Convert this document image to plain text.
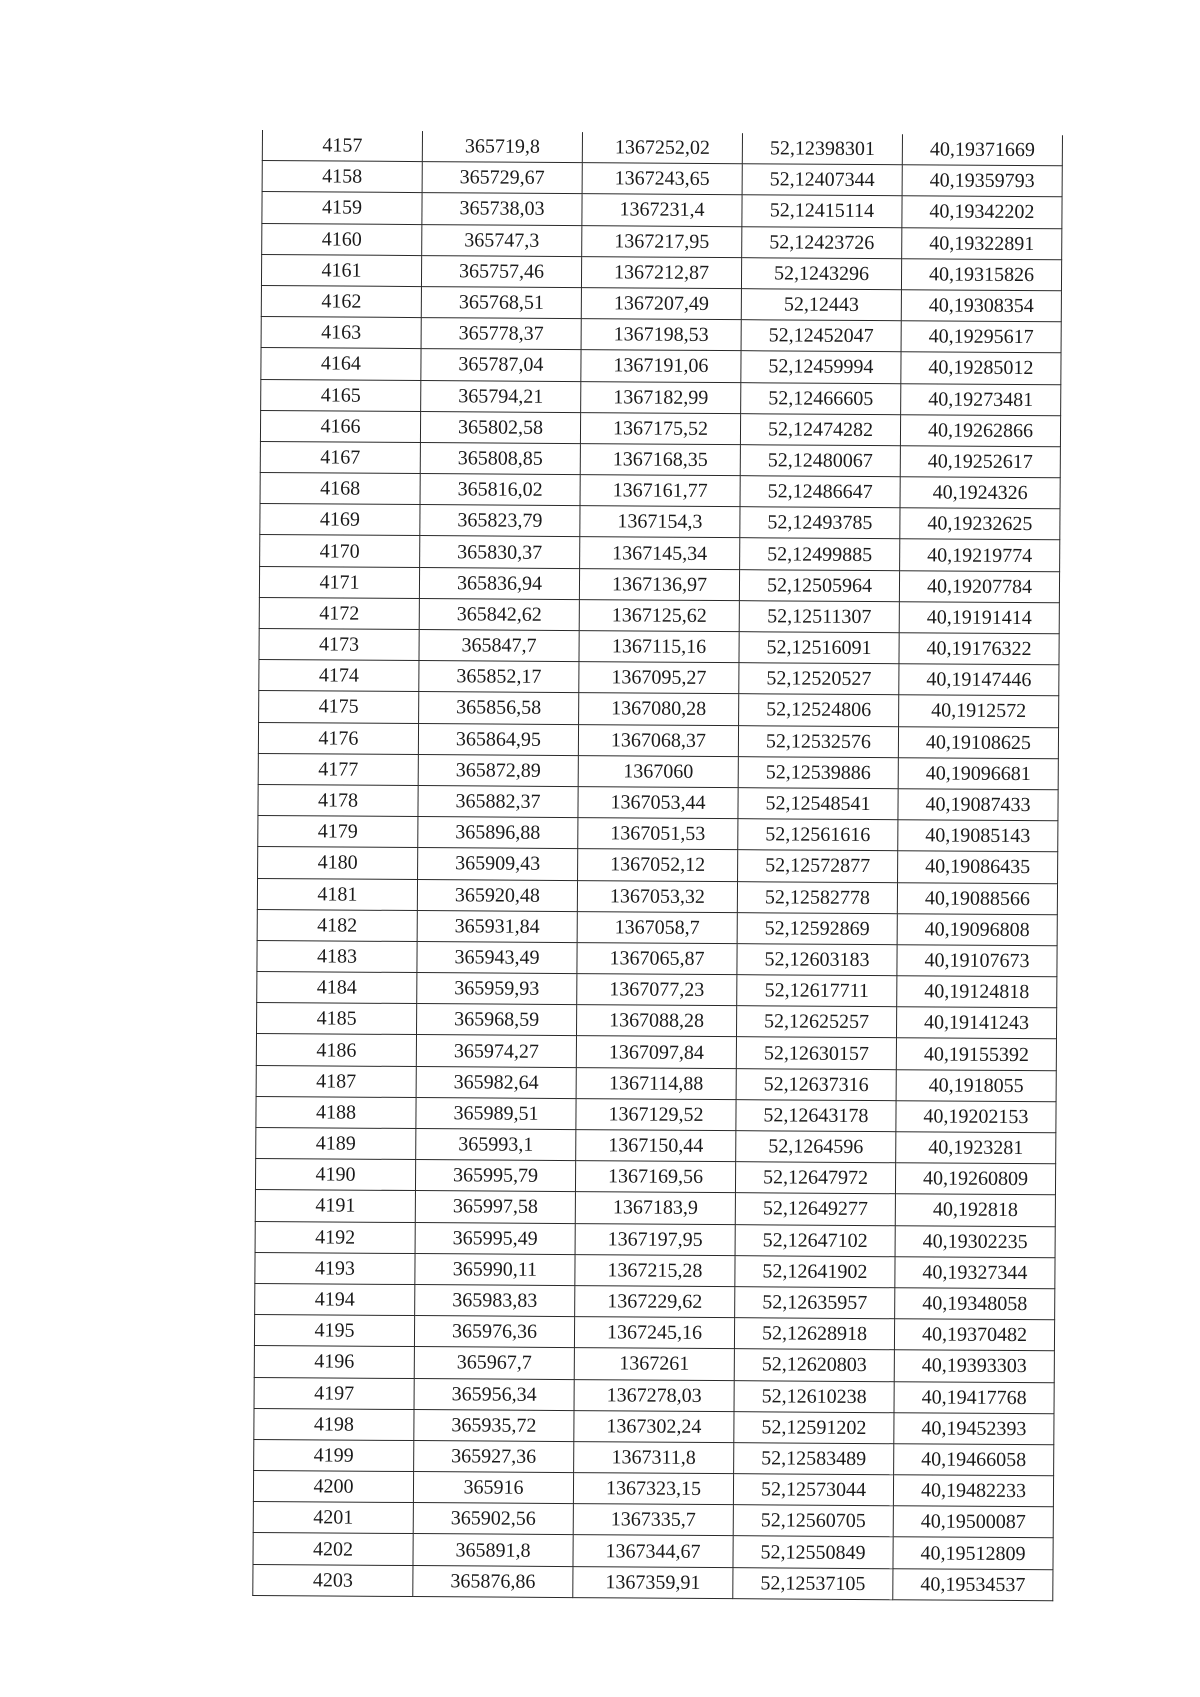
4157	365719,8	1367252,02	52,12398301	40,19371669
4158	365729,67	1367243,65	52,12407344	40,19359793
4159	365738,03	1367231,4	52,12415114	40,19342202
4160	365747,3	1367217,95	52,12423726	40,19322891
4161	365757,46	1367212,87	52,1243296	40,19315826
4162	365768,51	1367207,49	52,12443	40,19308354
4163	365778,37	1367198,53	52,12452047	40,19295617
4164	365787,04	1367191,06	52,12459994	40,19285012
4165	365794,21	1367182,99	52,12466605	40,19273481
4166	365802,58	1367175,52	52,12474282	40,19262866
4167	365808,85	1367168,35	52,12480067	40,19252617
4168	365816,02	1367161,77	52,12486647	40,1924326
4169	365823,79	1367154,3	52,12493785	40,19232625
4170	365830,37	1367145,34	52,12499885	40,19219774
4171	365836,94	1367136,97	52,12505964	40,19207784
4172	365842,62	1367125,62	52,12511307	40,19191414
4173	365847,7	1367115,16	52,12516091	40,19176322
4174	365852,17	1367095,27	52,12520527	40,19147446
4175	365856,58	1367080,28	52,12524806	40,1912572
4176	365864,95	1367068,37	52,12532576	40,19108625
4177	365872,89	1367060	52,12539886	40,19096681
4178	365882,37	1367053,44	52,12548541	40,19087433
4179	365896,88	1367051,53	52,12561616	40,19085143
4180	365909,43	1367052,12	52,12572877	40,19086435
4181	365920,48	1367053,32	52,12582778	40,19088566
4182	365931,84	1367058,7	52,12592869	40,19096808
4183	365943,49	1367065,87	52,12603183	40,19107673
4184	365959,93	1367077,23	52,12617711	40,19124818
4185	365968,59	1367088,28	52,12625257	40,19141243
4186	365974,27	1367097,84	52,12630157	40,19155392
4187	365982,64	1367114,88	52,12637316	40,1918055
4188	365989,51	1367129,52	52,12643178	40,19202153
4189	365993,1	1367150,44	52,1264596	40,1923281
4190	365995,79	1367169,56	52,12647972	40,19260809
4191	365997,58	1367183,9	52,12649277	40,192818
4192	365995,49	1367197,95	52,12647102	40,19302235
4193	365990,11	1367215,28	52,12641902	40,19327344
4194	365983,83	1367229,62	52,12635957	40,19348058
4195	365976,36	1367245,16	52,12628918	40,19370482
4196	365967,7	1367261	52,12620803	40,19393303
4197	365956,34	1367278,03	52,12610238	40,19417768
4198	365935,72	1367302,24	52,12591202	40,19452393
4199	365927,36	1367311,8	52,12583489	40,19466058
4200	365916	1367323,15	52,12573044	40,19482233
4201	365902,56	1367335,7	52,12560705	40,19500087
4202	365891,8	1367344,67	52,12550849	40,19512809
4203	365876,86	1367359,91	52,12537105	40,19534537
